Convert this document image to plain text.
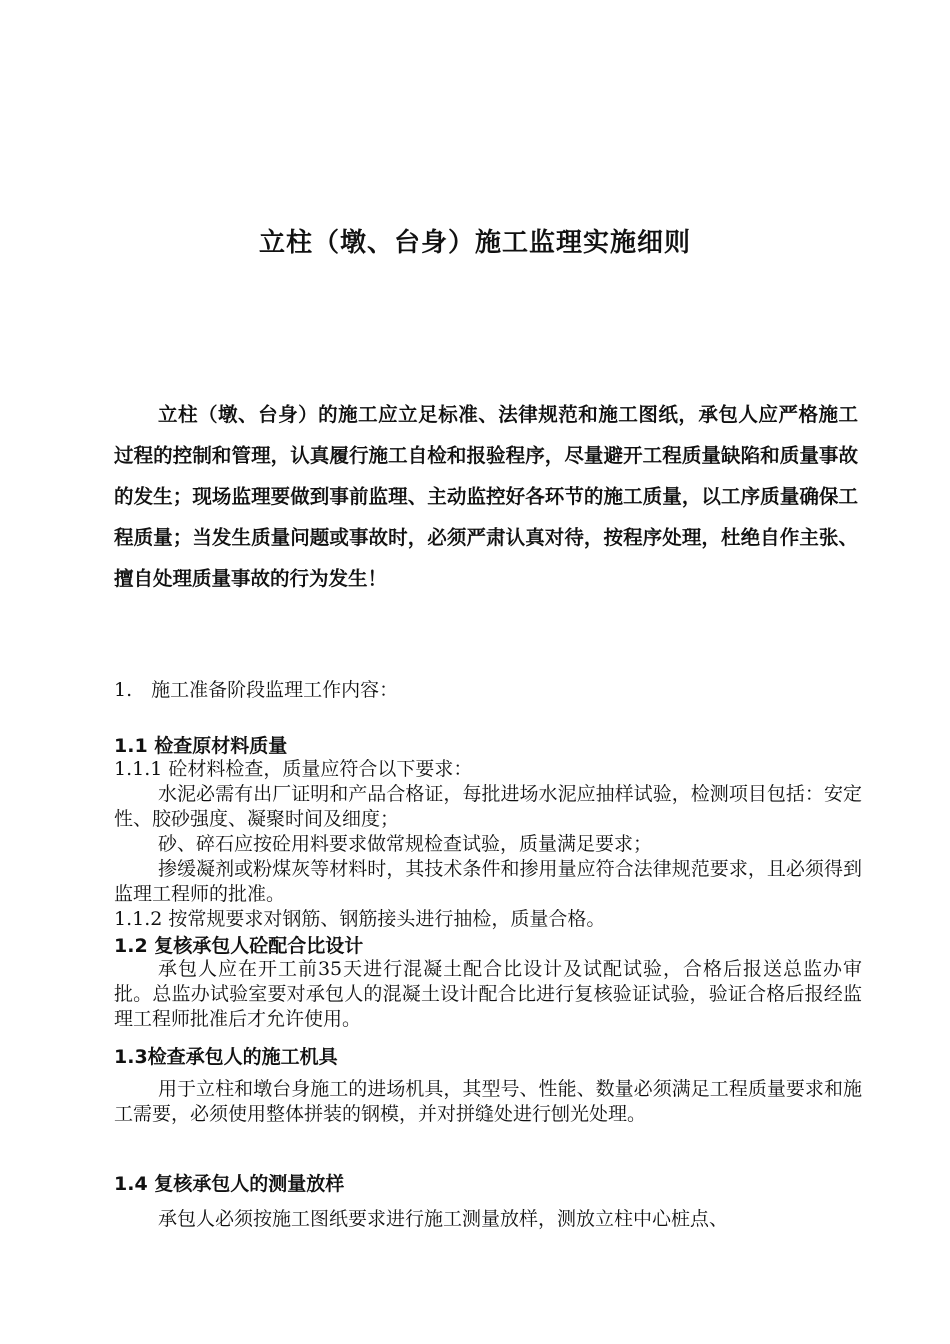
立柱（墩、台身）施工监理实施细则

立柱（墩、台身）的施工应立足标准、法律规范和施工图纸，承包人应严格施工过程的控制和管理，认真履行施工自检和报验程序，尽量避开工程质量缺陷和质量事故的发生；现场监理要做到事前监理、主动监控好各环节的施工质量，以工序质量确保工程质量；当发生质量问题或事故时，必须严肃认真对待，按程序处理，杜绝自作主张、擅自处理质量事故的行为发生！

1.　施工准备阶段监理工作内容：
1.1 检查原材料质量

1.1.1 砼材料检查，质量应符合以下要求：

水泥必需有出厂证明和产品合格证，每批进场水泥应抽样试验，检测项目包括：安定性、胶砂强度、凝聚时间及细度；

砂、碎石应按砼用料要求做常规检查试验，质量满足要求；

掺缓凝剂或粉煤灰等材料时，其技术条件和掺用量应符合法律规范要求，且必须得到监理工程师的批准。

1.1.2 按常规要求对钢筋、钢筋接头进行抽检，质量合格。

1.2 复核承包人砼配合比设计

承包人应在开工前35天进行混凝土配合比设计及试配试验，合格后报送总监办审批。总监办试验室要对承包人的混凝土设计配合比进行复核验证试验，验证合格后报经监理工程师批准后才允许使用。

1.3检查承包人的施工机具

用于立柱和墩台身施工的进场机具，其型号、性能、数量必须满足工程质量要求和施工需要，必须使用整体拼装的钢模，并对拼缝处进行刨光处理。

1.4 复核承包人的测量放样

承包人必须按施工图纸要求进行施工测量放样，测放立柱中心桩点、
